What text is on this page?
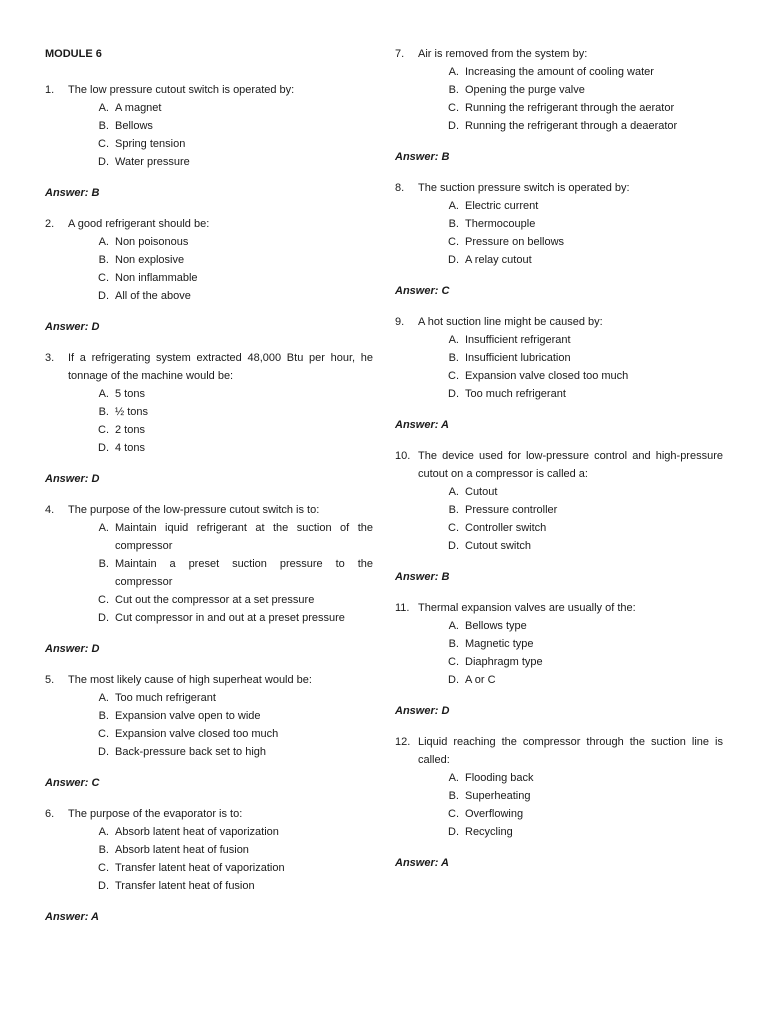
MODULE 6
1.	The low pressure cutout switch is operated by:
A. A magnet
B. Bellows
C. Spring tension
D. Water pressure
Answer: B
2.	A good refrigerant should be:
A. Non poisonous
B. Non explosive
C. Non inflammable
D. All of the above
Answer: D
3.	If a refrigerating system extracted 48,000 Btu per hour, he tonnage of the machine would be:
A. 5 tons
B. ½ tons
C. 2 tons
D. 4 tons
Answer: D
4.	The purpose of the low-pressure cutout switch is to:
A. Maintain iquid refrigerant at the suction of the compressor
B. Maintain a preset suction pressure to the compressor
C. Cut out the compressor at a set pressure
D. Cut compressor in and out at a preset pressure
Answer: D
5.	The most likely cause of high superheat would be:
A. Too much refrigerant
B. Expansion valve open to wide
C. Expansion valve closed too much
D. Back-pressure back set to high
Answer: C
6.	The purpose of the evaporator is to:
A. Absorb latent heat of vaporization
B. Absorb latent heat of fusion
C. Transfer latent heat of vaporization
D. Transfer latent heat of fusion
Answer: A
7.	Air is removed from the system by:
A. Increasing the amount of cooling water
B. Opening the purge valve
C. Running the refrigerant through the aerator
D. Running the refrigerant through a deaerator
Answer: B
8.	The suction pressure switch is operated by:
A. Electric current
B. Thermocouple
C. Pressure on bellows
D. A relay cutout
Answer: C
9.	A hot suction line might be caused by:
A. Insufficient refrigerant
B. Insufficient lubrication
C. Expansion valve closed too much
D. Too much refrigerant
Answer: A
10. The device used for low-pressure control and high-pressure cutout on a compressor is called a:
A. Cutout
B. Pressure controller
C. Controller switch
D. Cutout switch
Answer: B
11. Thermal expansion valves are usually of the:
A. Bellows type
B. Magnetic type
C. Diaphragm type
D. A or C
Answer: D
12. Liquid reaching the compressor through the suction line is called:
A. Flooding back
B. Superheating
C. Overflowing
D. Recycling
Answer: A
